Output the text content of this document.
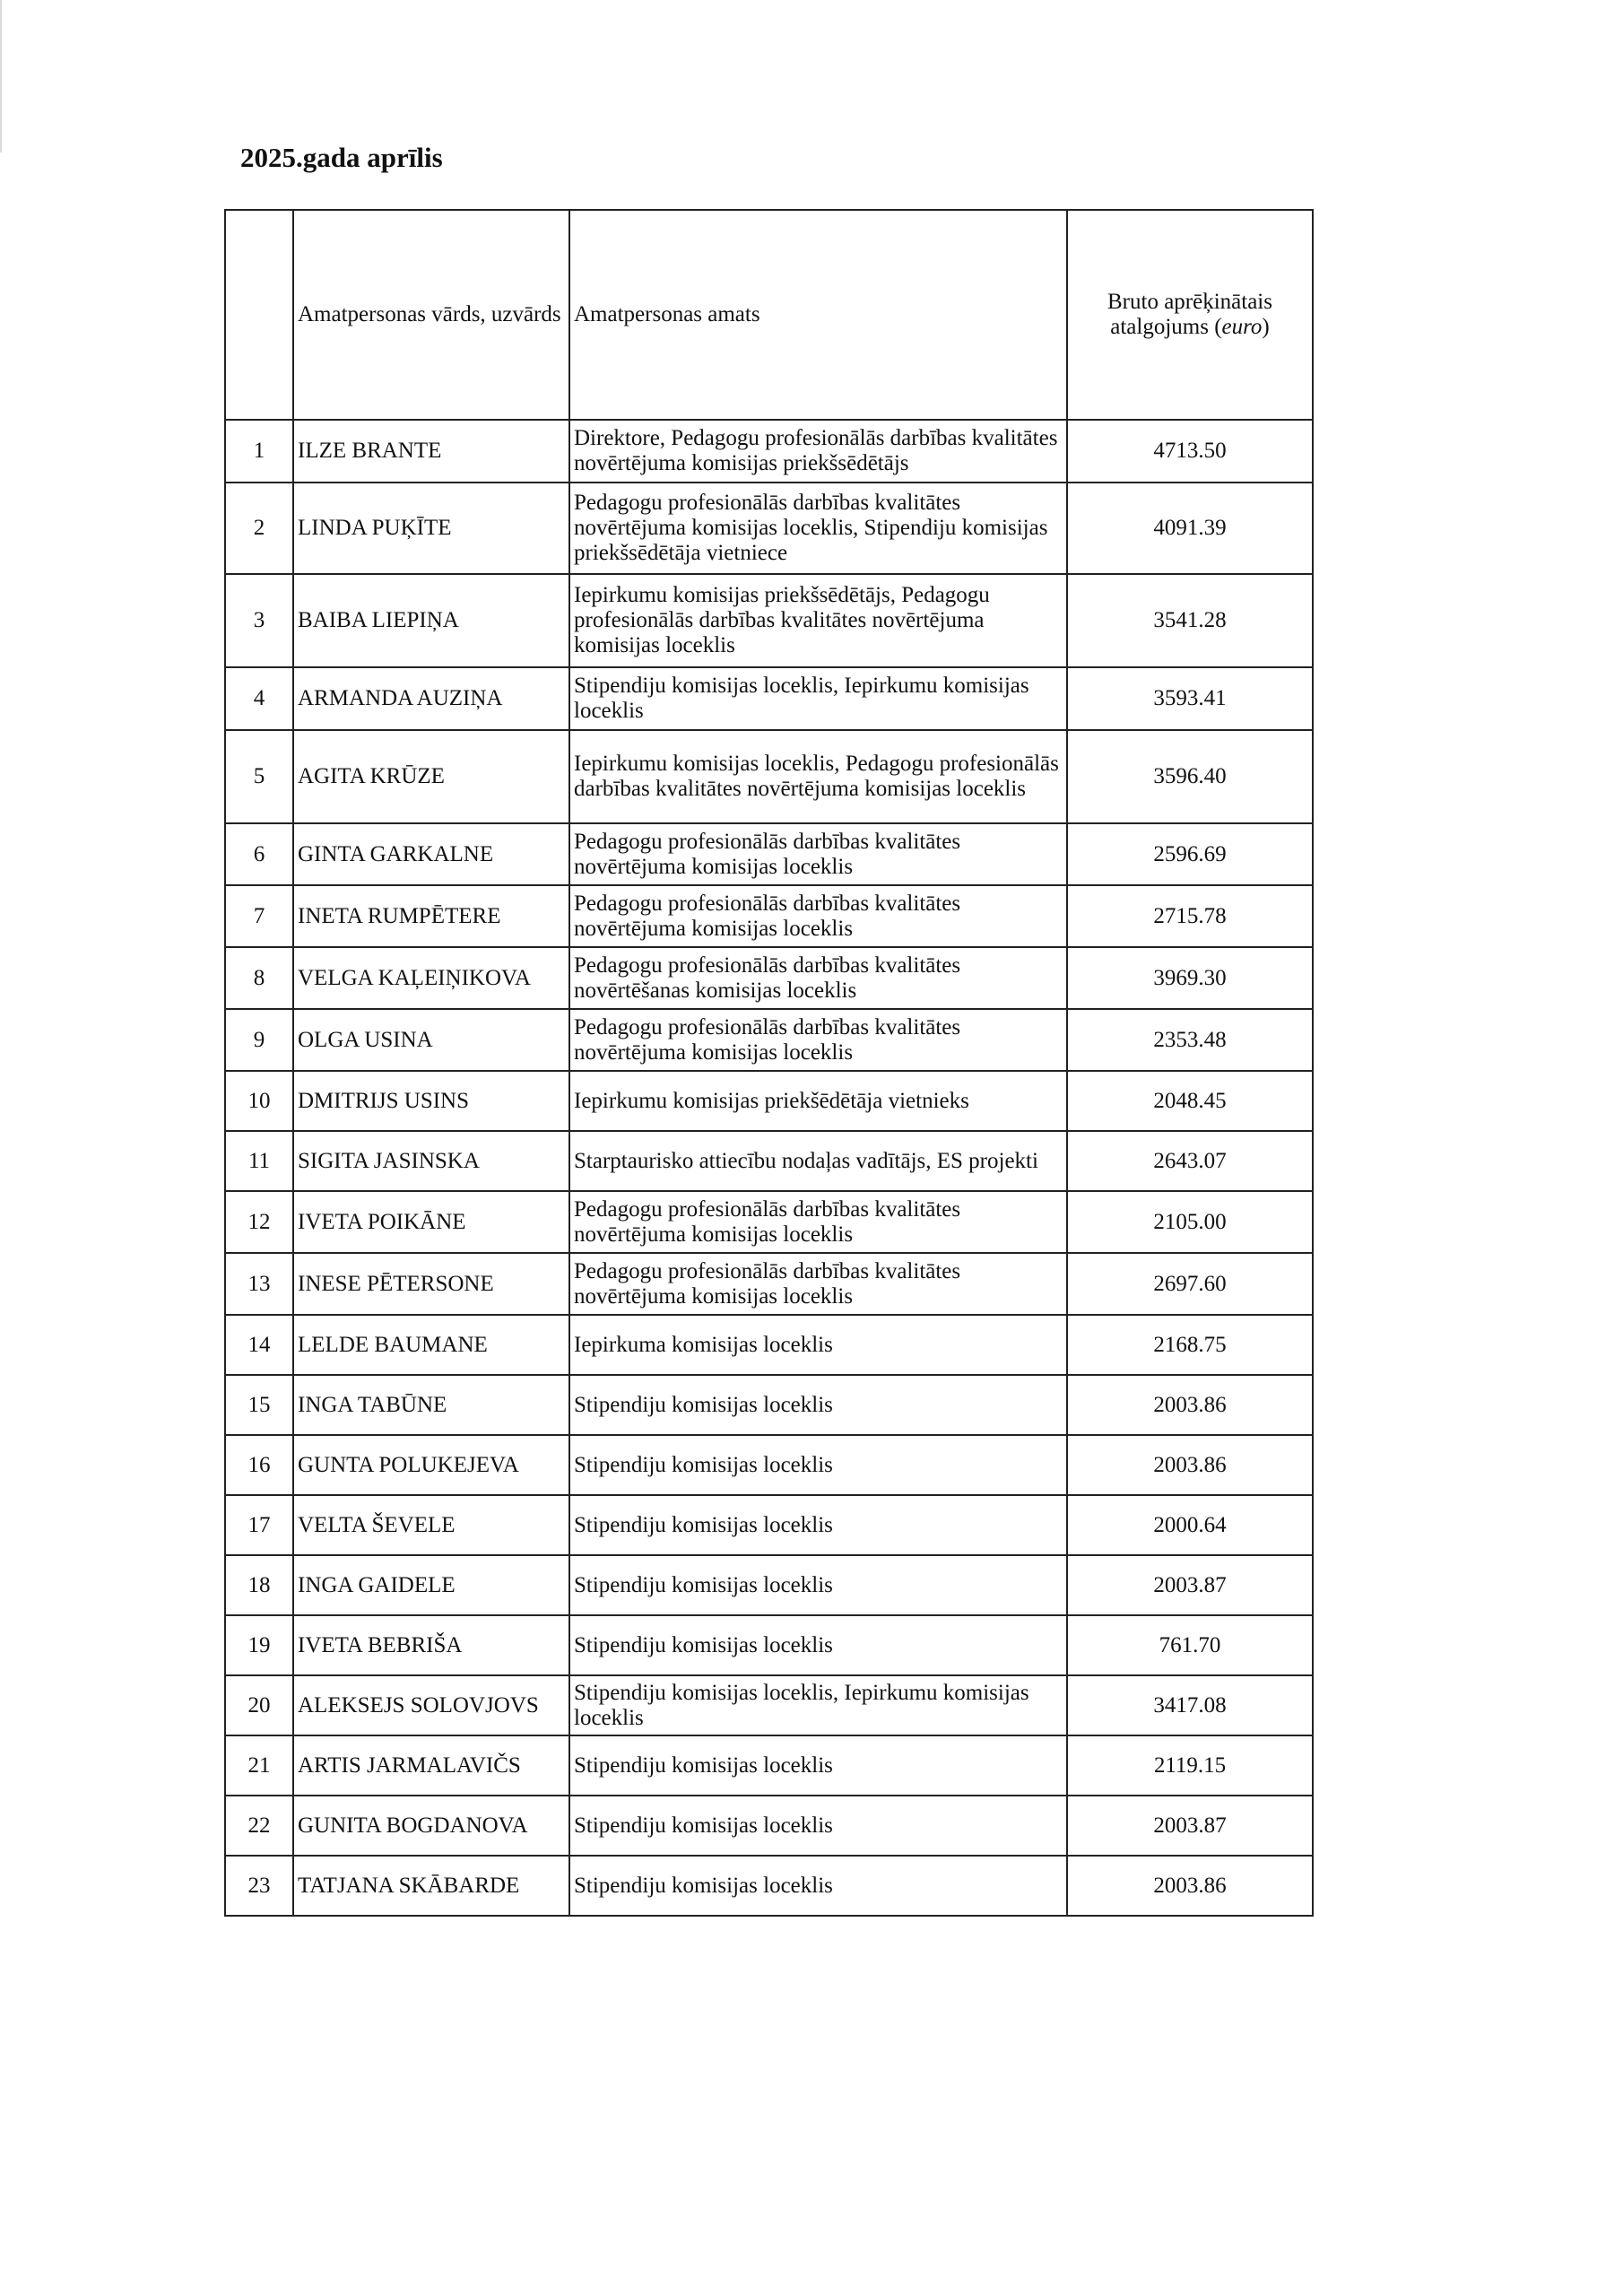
2025.gada aprīlis
	Amatpersonas vārds, uzvārds	Amatpersonas amats	Bruto aprēķinātais atalgojums (euro)
1	ILZE BRANTE	Direktore, Pedagogu profesionālās darbības kvalitātes novērtējuma komisijas priekšsēdētājs	4713.50
2	LINDA PUĶĪTE	Pedagogu profesionālās darbības kvalitātes novērtējuma komisijas loceklis, Stipendiju komisijas priekšsēdētāja vietniece	4091.39
3	BAIBA LIEPIŅA	Iepirkumu komisijas priekšsēdētājs, Pedagogu profesionālās darbības kvalitātes novērtējuma komisijas loceklis	3541.28
4	ARMANDA AUZIŅA	Stipendiju komisijas loceklis, Iepirkumu komisijas loceklis	3593.41
5	AGITA KRŪZE	Iepirkumu komisijas loceklis, Pedagogu profesionālās darbības kvalitātes novērtējuma komisijas loceklis	3596.40
6	GINTA GARKALNE	Pedagogu profesionālās darbības kvalitātes novērtējuma komisijas loceklis	2596.69
7	INETA RUMPĒTERE	Pedagogu profesionālās darbības kvalitātes novērtējuma komisijas loceklis	2715.78
8	VELGA KAĻEIŅIKOVA	Pedagogu profesionālās darbības kvalitātes novērtēšanas komisijas loceklis	3969.30
9	OLGA USINA	Pedagogu profesionālās darbības kvalitātes novērtējuma komisijas loceklis	2353.48
10	DMITRIJS USINS	Iepirkumu komisijas priekšēdētāja vietnieks	2048.45
11	SIGITA JASINSKA	Starptaurisko attiecību nodaļas vadītājs, ES projekti	2643.07
12	IVETA POIKĀNE	Pedagogu profesionālās darbības kvalitātes novērtējuma komisijas loceklis	2105.00
13	INESE PĒTERSONE	Pedagogu profesionālās darbības kvalitātes novērtējuma komisijas loceklis	2697.60
14	LELDE BAUMANE	Iepirkuma komisijas loceklis	2168.75
15	INGA TABŪNE	Stipendiju komisijas loceklis	2003.86
16	GUNTA POLUKEJEVA	Stipendiju komisijas loceklis	2003.86
17	VELTA ŠEVELE	Stipendiju komisijas loceklis	2000.64
18	INGA GAIDELE	Stipendiju komisijas loceklis	2003.87
19	IVETA BEBRIŠA	Stipendiju komisijas loceklis	761.70
20	ALEKSEJS SOLOVJOVS	Stipendiju komisijas loceklis, Iepirkumu komisijas loceklis	3417.08
21	ARTIS JARMALAVIČS	Stipendiju komisijas loceklis	2119.15
22	GUNITA BOGDANOVA	Stipendiju komisijas loceklis	2003.87
23	TATJANA SKĀBARDE	Stipendiju komisijas loceklis	2003.86
